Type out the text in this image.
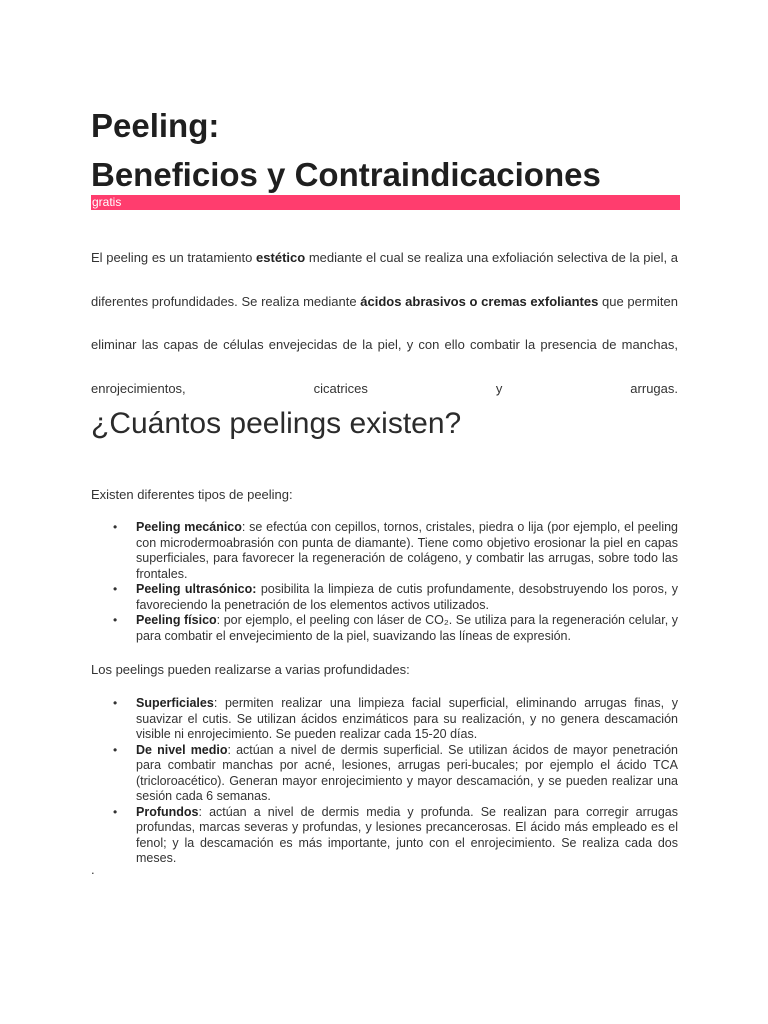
Peeling:
Beneficios y Contraindicaciones
gratis

El peeling es un tratamiento estético mediante el cual se realiza una exfoliación selectiva de la piel, a diferentes profundidades. Se realiza mediante ácidos abrasivos o cremas exfoliantes que permiten eliminar las capas de células envejecidas de la piel, y con ello combatir la presencia de manchas, enrojecimientos, cicatrices y arrugas.

¿Cuántos peelings existen?

Existen diferentes tipos de peeling:

• Peeling mecánico: se efectúa con cepillos, tornos, cristales, piedra o lija (por ejemplo, el peeling con microdermoabrasión con punta de diamante). Tiene como objetivo erosionar la piel en capas superficiales, para favorecer la regeneración de colágeno, y combatir las arrugas, sobre todo las frontales.
• Peeling ultrasónico: posibilita la limpieza de cutis profundamente, desobstruyendo los poros, y favoreciendo la penetración de los elementos activos utilizados.
• Peeling físico: por ejemplo, el peeling con láser de CO₂. Se utiliza para la regeneración celular, y para combatir el envejecimiento de la piel, suavizando las líneas de expresión.

Los peelings pueden realizarse a varias profundidades:

• Superficiales: permiten realizar una limpieza facial superficial, eliminando arrugas finas, y suavizar el cutis. Se utilizan ácidos enzimáticos para su realización, y no genera descamación visible ni enrojecimiento. Se pueden realizar cada 15-20 días.
• De nivel medio: actúan a nivel de dermis superficial. Se utilizan ácidos de mayor penetración para combatir manchas por acné, lesiones, arrugas peri-bucales; por ejemplo el ácido TCA (tricloroacético). Generan mayor enrojecimiento y mayor descamación, y se pueden realizar una sesión cada 6 semanas.
• Profundos: actúan a nivel de dermis media y profunda. Se realizan para corregir arrugas profundas, marcas severas y profundas, y lesiones precancerosas. El ácido más empleado es el fenol; y la descamación es más importante, junto con el enrojecimiento. Se realiza cada dos meses.
.
